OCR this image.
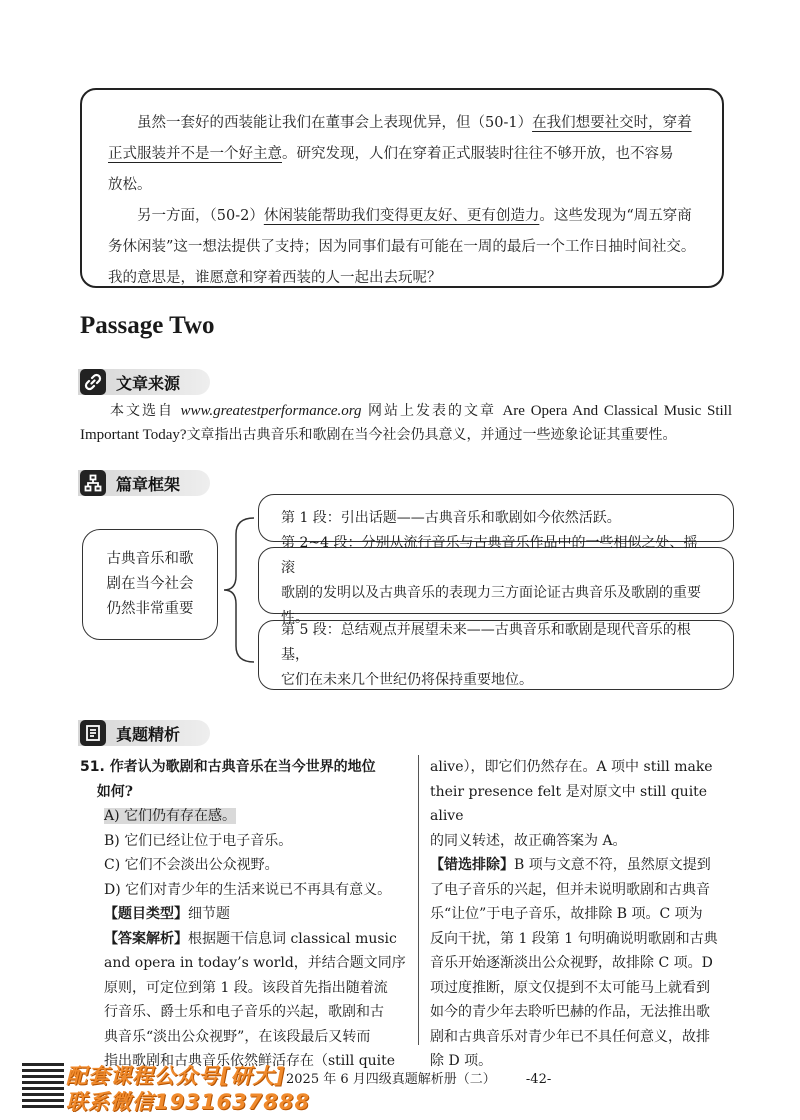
虽然一套好的西装能让我们在董事会上表现优异，但（50-1）在我们想要社交时，穿着
正式服装并不是一个好主意。研究发现，人们在穿着正式服装时往往不够开放，也不容易
放松。

另一方面，（50-2）休闲装能帮助我们变得更友好、更有创造力。这些发现为“周五穿商

务休闲装”这一想法提供了支持；因为同事们最有可能在一周的最后一个工作日抽时间社交。
我的意思是，谁愿意和穿着西装的人一起出去玩呢？

Passage Two
文章来源
  本文选自 www.greatestperformance.org 网站上发表的文章 Are Opera And Classical Music Still Important Today?文章指出古典音乐和歌剧在当今社会仍具意义，并通过一些迹象论证其重要性。
篇章框架
古典音乐和歌
剧在当今社会
仍然非常重要
第 1 段：引出话题——古典音乐和歌剧如今依然活跃。
第 2~4 段：分别从流行音乐与古典音乐作品中的一些相似之处、摇滚
歌剧的发明以及古典音乐的表现力三方面论证古典音乐及歌剧的重要性。
第 5 段：总结观点并展望未来——古典音乐和歌剧是现代音乐的根基，
它们在未来几个世纪仍将保持重要地位。
真题精析

51. 作者认为歌剧和古典音乐在当今世界的地位
   如何?

A) 它们仍有存在感。
B) 它们已经让位于电子音乐。
C) 它们不会淡出公众视野。
D) 它们对青少年的生活来说已不再具有意义。

【题目类型】细节题

【答案解析】根据题干信息词 classical music
and opera in today’s world，并结合题文同序
原则，可定位到第 1 段。该段首先指出随着流
行音乐、爵士乐和电子音乐的兴起，歌剧和古
典音乐“淡出公众视野”，在该段最后又转而
指出歌剧和古典音乐依然鲜活存在（still quite

alive），即它们仍然存在。A 项中 still make
their presence felt 是对原文中 still quite alive
的同义转述，故正确答案为 A。

【错选排除】B 项与文意不符，虽然原文提到
了电子音乐的兴起，但并未说明歌剧和古典音
乐“让位”于电子音乐，故排除 B 项。C 项为
反向干扰，第 1 段第 1 句明确说明歌剧和古典
音乐开始逐渐淡出公众视野，故排除 C 项。D
项过度推断，原文仅提到不太可能马上就看到
如今的青少年去聆听巴赫的作品，无法推出歌
剧和古典音乐对青少年已不具任何意义，故排
除 D 项。

配套课程公众号[研大]
联系微信19316378​88
2025 年 6 月四级真题解析册（二）    -42-
